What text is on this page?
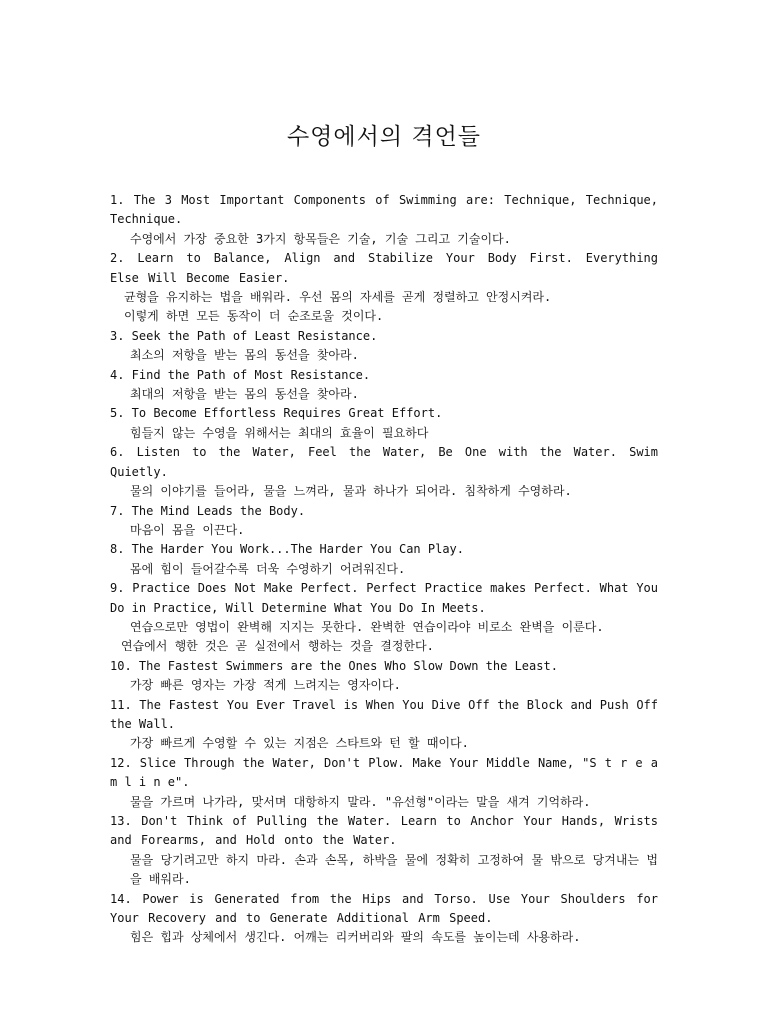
수영에서의 격언들
1. The 3 Most Important Components of Swimming are: Technique, Technique, Technique.
수영에서 가장 중요한 3가지 항목들은 기술, 기술 그리고 기술이다.
2. Learn to Balance, Align and Stabilize Your Body First. Everything Else Will Become Easier.
균형을 유지하는 법을 배워라. 우선 몸의 자세를 곧게 정렬하고 안정시켜라.
이렇게 하면 모든 동작이 더 순조로울 것이다.
3. Seek the Path of Least Resistance.
최소의 저항을 받는 몸의 동선을 찾아라.
4. Find the Path of Most Resistance.
최대의 저항을 받는 몸의 동선을 찾아라.
5. To Become Effortless Requires Great Effort.
힘들지 않는 수영을 위해서는 최대의 효율이 필요하다
6. Listen to the Water, Feel the Water, Be One with the Water. Swim Quietly.
물의 이야기를 들어라, 물을 느껴라, 물과 하나가 되어라. 침착하게 수영하라.
7. The Mind Leads the Body.
마음이 몸을 이끈다.
8. The Harder You Work...The Harder You Can Play.
몸에 힘이 들어갈수록 더욱 수영하기 어려워진다.
9. Practice Does Not Make Perfect. Perfect Practice makes Perfect. What You Do in Practice, Will Determine What You Do In Meets.
연습으로만 영법이 완벽해 지지는 못한다. 완벽한 연습이라야 비로소 완벽을 이룬다.
연습에서 행한 것은 곧 실전에서 행하는 것을 결정한다.
10. The Fastest Swimmers are the Ones Who Slow Down the Least.
가장 빠른 영자는 가장 적게 느려지는 영자이다.
11. The Fastest You Ever Travel is When You Dive Off the Block and Push Off the Wall.
가장 빠르게 수영할 수 있는 지점은 스타트와 턴 할 때이다.
12. Slice Through the Water, Don't Plow. Make Your Middle Name, "S t r e a m l i n e".
물을 가르며 나가라, 맞서며 대항하지 말라. "유선형"이라는 말을 새겨 기억하라.
13. Don't Think of Pulling the Water. Learn to Anchor Your Hands, Wrists and Forearms, and Hold onto the Water.
물을 당기려고만 하지 마라. 손과 손목, 하박을 물에 정확히 고정하여 물 밖으로 당겨내는 법을 배워라.
14. Power is Generated from the Hips and Torso. Use Your Shoulders for Your Recovery and to Generate Additional Arm Speed.
힘은 힙과 상체에서 생긴다. 어깨는 리커버리와 팔의 속도를 높이는데 사용하라.
